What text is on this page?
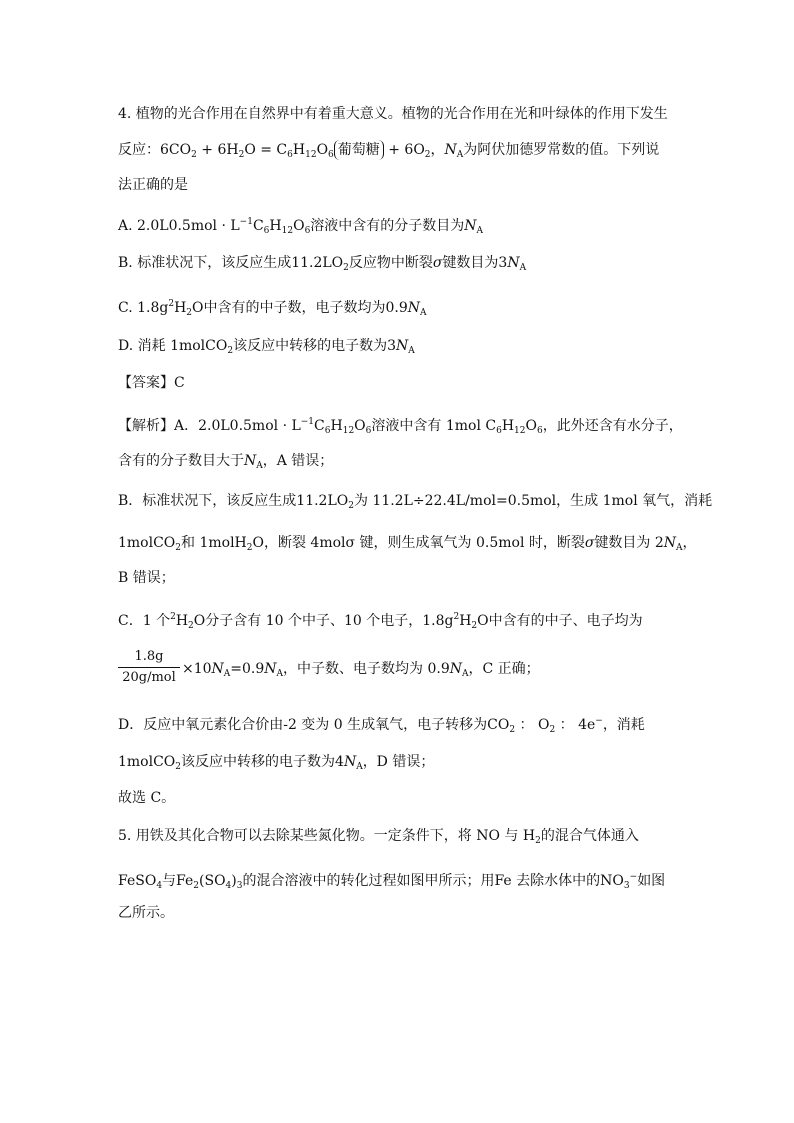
4. 植物的光合作用在自然界中有着重大意义。植物的光合作用在光和叶绿体的作用下发生
反应：$6CO_2 + 6H_2O = C_6H_{12}O_6$ 葡萄糖 + $6O_2$，$N_A$为阿伏加德罗常数的值。下列说
法正确的是
A. $2.0L0.5mol \cdot L^{-1}C_6H_{12}O_6$溶液中含有的分子数目为$N_A$
B. 标准状况下，该反应生成$11.2LO_2$反应物中断裂σ键数目为$3N_A$
C. $1.8g^2H_2O$中含有的中子数，电子数均为$0.9N_A$
D. 消耗 1molCO$_2$该反应中转移的电子数为$3N_A$
【答案】C
【解析】A．$2.0L0.5mol \cdot L^{-1}C_6H_{12}O_6$溶液中含有 1mol $C_6H_{12}O_6$，此外还含有水分子，
含有的分子数目大于$N_A$，A 错误；
B．标准状况下，该反应生成$11.2LO_2$为 11.2L÷22.4L/mol=0.5mol，生成 1mol 氧气，消耗
1molCO$_2$和 1molH$_2$O，断裂 4molσ 键，则生成氧气为 0.5mol 时，断裂σ键数目为 $2N_A$，
B 错误；
C．1 个$^2H_2O$分子含有 10 个中子、10 个电子，$1.8g^2H_2O$中含有的中子、电子均为
1.8g
20g/mol
$\times 10N_A=0.9N_A$，中子数、电子数均为 $0.9N_A$，C 正确；
D．反应中氧元素化合价由-2 变为 0 生成氧气，电子转移为$CO_2$ ： $O_2$ ： 4e−，消耗
1molCO$_2$该反应中转移的电子数为$4N_A$，D 错误；
故选 C。
5. 用铁及其化合物可以去除某些氮化物。一定条件下，将 NO 与 $H_2$的混合气体通入
FeSO$_4$与$Fe_2(SO_4)_3$的混合溶液中的转化过程如图甲所示；用Fe 去除水体中的$NO_3^-$如图
乙所示。
